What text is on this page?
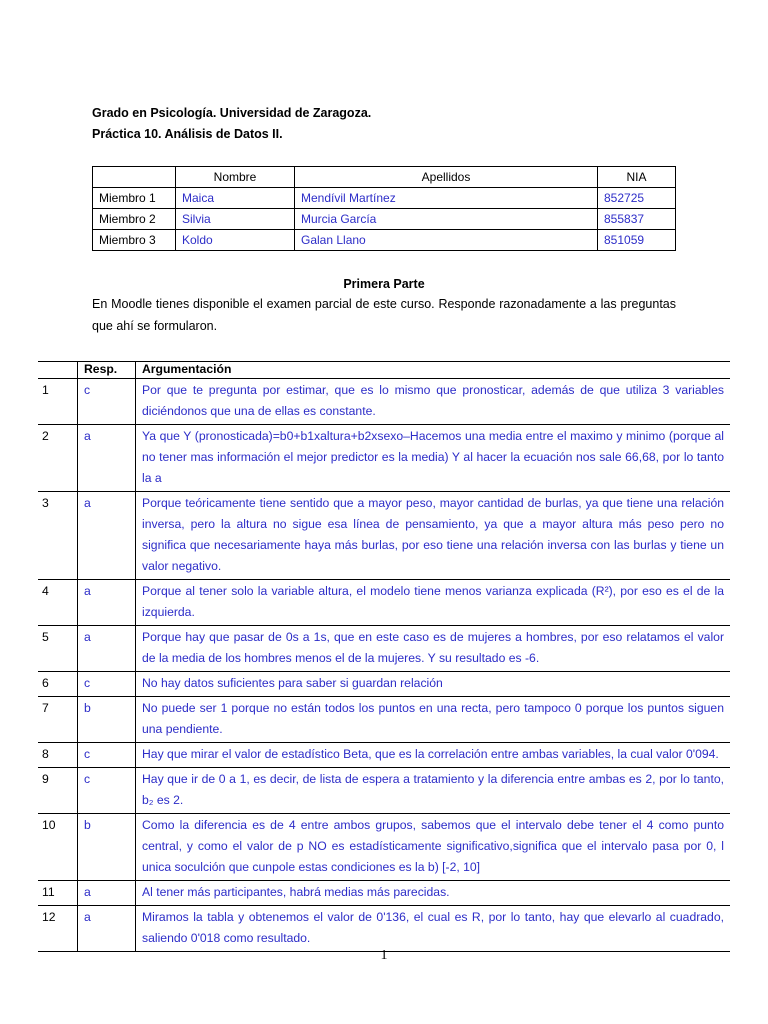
Grado en Psicología. Universidad de Zaragoza.
Práctica 10. Análisis de Datos II.
	Nombre	Apellidos	NIA
Miembro 1	Maica	Mendívil Martínez	852725
Miembro 2	Silvia	Murcia García	855837
Miembro 3	Koldo	Galan Llano	851059
Primera Parte
En Moodle tienes disponible el examen parcial de este curso. Responde razonadamente a las preguntas que ahí se formularon.
	Resp.	Argumentación
1	c	Por que te pregunta por estimar, que es lo mismo que pronosticar, además de que utiliza 3 variables diciéndonos que una de ellas es constante.
2	a	Ya que Y (pronosticada)=b0+b1xaltura+b2xsexo–Hacemos una media entre el maximo y minimo (porque al no tener mas información el mejor predictor es la media) Y al hacer la ecuación nos sale 66,68, por lo tanto la a
3	a	Porque teóricamente tiene sentido que a mayor peso, mayor cantidad de burlas, ya que tiene una relación inversa, pero la altura no sigue esa línea de pensamiento, ya que a mayor altura más peso pero no significa que necesariamente haya más burlas, por eso tiene una relación inversa con las burlas y tiene un valor negativo.
4	a	Porque al tener solo la variable altura, el modelo tiene menos varianza explicada (R²), por eso es el de la izquierda.
5	a	Porque hay que pasar de 0s a 1s, que en este caso es de mujeres a hombres, por eso relatamos el valor de la media de los hombres menos el de la mujeres. Y su resultado es -6.
6	c	No hay datos suficientes para saber si guardan relación
7	b	No puede ser 1 porque no están todos los puntos en una recta, pero tampoco 0 porque los puntos siguen una pendiente.
8	c	Hay que mirar el valor de estadístico Beta, que es la correlación entre ambas variables, la cual valor 0'094.
9	c	Hay que ir de 0 a 1, es decir, de lista de espera a tratamiento y la diferencia entre ambas es 2, por lo tanto, b₂ es 2.
10	b	Como la diferencia es de 4 entre ambos grupos, sabemos que el intervalo debe tener el 4 como punto central, y como el valor de p NO es estadísticamente significativo,significa que el intervalo pasa por 0, l unica soculción que cunpole estas condiciones es la b) [-2, 10]
11	a	Al tener más participantes, habrá medias más parecidas.
12	a	Miramos la tabla y obtenemos el valor de 0'136, el cual es R, por lo tanto, hay que elevarlo al cuadrado, saliendo 0'018 como resultado.
1
